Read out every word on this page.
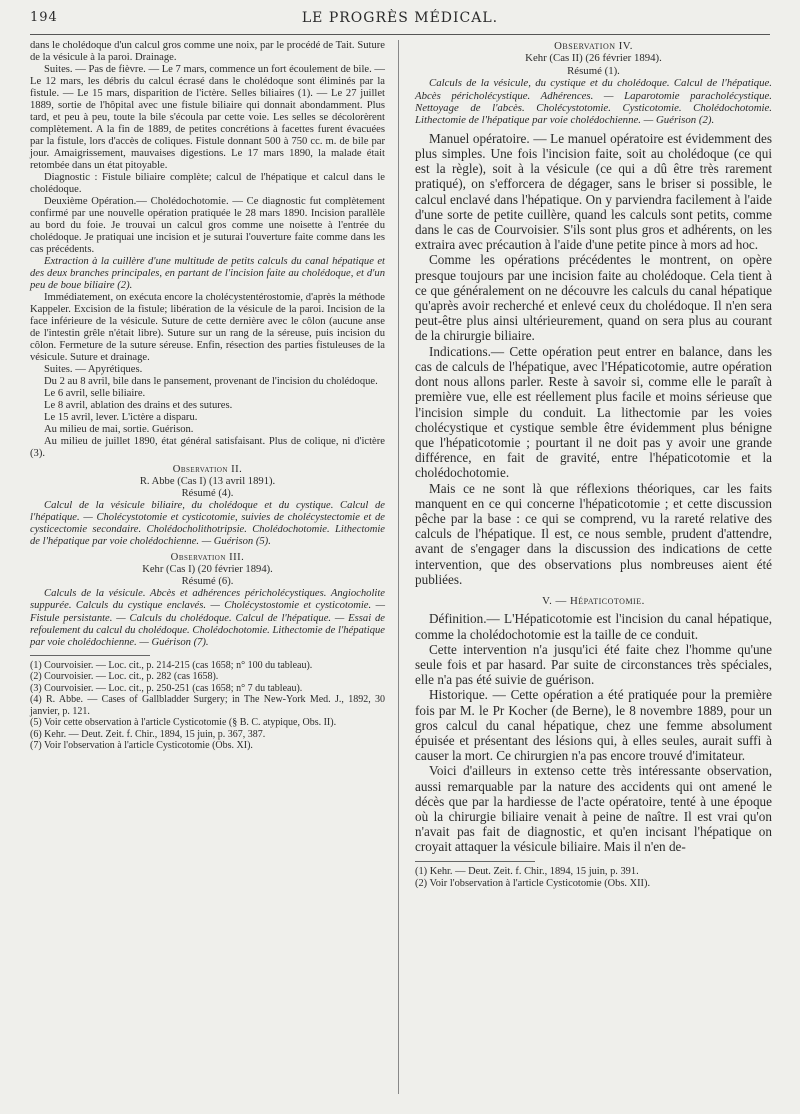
194	LE PROGRÈS MÉDICAL.

dans le cholédoque d'un calcul gros comme une noix, par le procédé de Tait. Suture de la vésicule à la paroi. Drainage.

Suites. — Pas de fièvre. — Le 7 mars, commence un fort écoulement de bile. — Le 12 mars, les débris du calcul écrasé dans le cholédoque sont éliminés par la fistule. — Le 15 mars, disparition de l'ictère. Selles biliaires (1). — Le 27 juillet 1889, sortie de l'hôpital avec une fistule biliaire qui donnait abondamment. Plus tard, et peu à peu, toute la bile s'écoula par cette voie. Les selles se décolorèrent complètement. A la fin de 1889, de petites concrétions à facettes furent évacuées par la fistule, lors d'accès de coliques. Fistule donnant 500 à 750 cc. m. de bile par jour. Amaigrissement, mauvaises digestions. Le 17 mars 1890, la malade était retombée dans un état pitoyable.

Diagnostic : Fistule biliaire complète; calcul de l'hépatique et calcul dans le cholédoque.

Deuxième Opération.— Cholédochotomie. — Ce diagnostic fut complètement confirmé par une nouvelle opération pratiquée le 28 mars 1890. Incision parallèle au bord du foie. Je trouvai un calcul gros comme une noisette à l'entrée du cholédoque. Je pratiquai une incision et je suturai l'ouverture faite comme dans les cas précédents.

Extraction à la cuillère d'une multitude de petits calculs du canal hépatique et des deux branches principales, en partant de l'incision faite au cholédoque, et d'un peu de boue biliaire (2).

Immédiatement, on exécuta encore la cholécystentérostomie, d'après la méthode Kappeler. Excision de la fistule; libération de la vésicule de la paroi. Incision de la face inférieure de la vésicule. Suture de cette dernière avec le côlon (aucune anse de l'intestin grêle n'était libre). Suture sur un rang de la séreuse, puis incision du côlon. Fermeture de la suture séreuse. Enfin, résection des parties fistuleuses de la vésicule. Suture et drainage.

Suites. — Apyrétiques.

Du 2 au 8 avril, bile dans le pansement, provenant de l'incision du cholédoque.

Le 6 avril, selle biliaire.

Le 8 avril, ablation des drains et des sutures.

Le 15 avril, lever. L'ictère a disparu.

Au milieu de mai, sortie. Guérison.

Au milieu de juillet 1890, état général satisfaisant. Plus de colique, ni d'ictère (3).

Observation II.

R. Abbe (Cas I) (13 avril 1891).

Résumé (4).

Calcul de la vésicule biliaire, du cholédoque et du cystique. Calcul de l'hépatique. — Cholécystotomie et cysticotomie, suivies de cholécystectomie et de cysticectomie secondaire. Cholédocholithotripsie. Cholédochotomie. Lithectomie de l'hépatique par voie cholédochienne. — Guérison (5).

Observation III.

Kehr (Cas I) (20 février 1894).

Résumé (6).

Calculs de la vésicule. Abcès et adhérences péricholécystiques. Angiocholite suppurée. Calculs du cystique enclavés. — Cholécystostomie et cysticotomie. — Fistule persistante. — Calculs du cholédoque. Calcul de l'hépatique. — Essai de refoulement du calcul du cholédoque. Cholédochotomie. Lithectomie de l'hépatique par voie cholédochienne. — Guérison (7).

(1) Courvoisier. — Loc. cit., p. 214-215 (cas 1658; n° 100 du tableau).

(2) Courvoisier. — Loc. cit., p. 282 (cas 1658).

(3) Courvoisier. — Loc. cit., p. 250-251 (cas 1658; n° 7 du tableau).

(4) R. Abbe. — Cases of Gallbladder Surgery; in The New-York Med. J., 1892, 30 janvier, p. 121.

(5) Voir cette observation à l'article Cysticotomie (§ B. C. atypique, Obs. II).

(6) Kehr. — Deut. Zeit. f. Chir., 1894, 15 juin, p. 367, 387.

(7) Voir l'observation à l'article Cysticotomie (Obs. XI).

Observation IV.

Kehr (Cas II) (26 février 1894).

Résumé (1).

Calculs de la vésicule, du cystique et du cholédoque. Calcul de l'hépatique. Abcès péricholécystique. Adhérences. — Laparotomie paracholécystique. Nettoyage de l'abcès. Cholécystotomie. Cysticotomie. Cholédochotomie. Lithectomie de l'hépatique par voie cholédochienne. — Guérison (2).

Manuel opératoire. — Le manuel opératoire est évidemment des plus simples. Une fois l'incision faite, soit au cholédoque (ce qui est la règle), soit à la vésicule (ce qui a dû être très rarement pratiqué), on s'efforcera de dégager, sans le briser si possible, le calcul enclavé dans l'hépatique. On y parviendra facilement à l'aide d'une sorte de petite cuillère, quand les calculs sont petits, comme dans le cas de Courvoisier. S'ils sont plus gros et adhérents, on les extraira avec précaution à l'aide d'une petite pince à mors ad hoc.

Comme les opérations précédentes le montrent, on opère presque toujours par une incision faite au cholédoque. Cela tient à ce que généralement on ne découvre les calculs du canal hépatique qu'après avoir recherché et enlevé ceux du cholédoque. Il n'en sera peut-être plus ainsi ultérieurement, quand on sera plus au courant de la chirurgie biliaire.

Indications.— Cette opération peut entrer en balance, dans les cas de calculs de l'hépatique, avec l'Hépaticotomie, autre opération dont nous allons parler. Reste à savoir si, comme elle le paraît à première vue, elle est réellement plus facile et moins sérieuse que l'incision simple du conduit. La lithectomie par les voies cholécystique et cystique semble être évidemment plus bénigne que l'hépaticotomie ; pourtant il ne doit pas y avoir une grande différence, en fait de gravité, entre l'hépaticotomie et la cholédochotomie.

Mais ce ne sont là que réflexions théoriques, car les faits manquent en ce qui concerne l'hépaticotomie ; et cette discussion pêche par la base : ce qui se comprend, vu la rareté relative des calculs de l'hépatique. Il est, ce nous semble, prudent d'attendre, avant de s'engager dans la discussion des indications de cette intervention, que des observations plus nombreuses aient été publiées.

V. — Hépaticotomie.

Définition.— L'Hépaticotomie est l'incision du canal hépatique, comme la cholédochotomie est la taille de ce conduit.

Cette intervention n'a jusqu'ici été faite chez l'homme qu'une seule fois et par hasard. Par suite de circonstances très spéciales, elle n'a pas été suivie de guérison.

Historique. — Cette opération a été pratiquée pour la première fois par M. le Pr Kocher (de Berne), le 8 novembre 1889, pour un gros calcul du canal hépatique, chez une femme absolument épuisée et présentant des lésions qui, à elles seules, aurait suffi à causer la mort. Ce chirurgien n'a pas encore trouvé d'imitateur.

Voici d'ailleurs in extenso cette très intéressante observation, aussi remarquable par la nature des accidents qui ont amené le décès que par la hardiesse de l'acte opératoire, tenté à une époque où la chirurgie biliaire venait à peine de naître. Il est vrai qu'on n'avait pas fait de diagnostic, et qu'en incisant l'hépatique on croyait attaquer la vésicule biliaire. Mais il n'en de-

(1) Kehr. — Deut. Zeit. f. Chir., 1894, 15 juin, p. 391.

(2) Voir l'observation à l'article Cysticotomie (Obs. XII).
